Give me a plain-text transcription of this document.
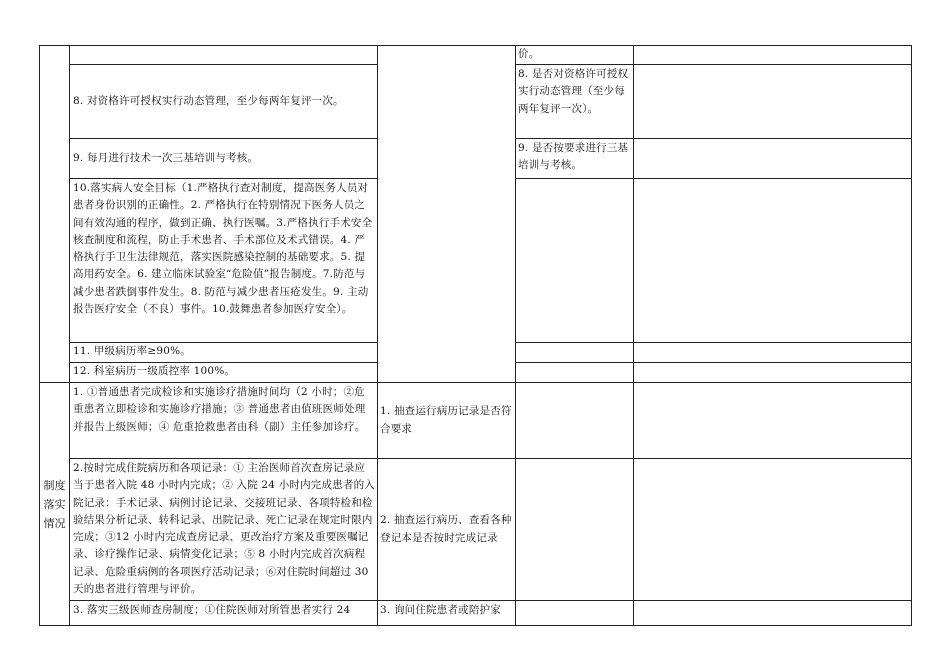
制度
落实
情况

8. 对资格许可授权实行动态管理，至少每两年复评一次。

9. 每月进行技术一次三基培训与考核。

10.落实病人安全目标（1.严格执行查对制度，提高医务人员对患者身份识别的正确性。2. 严格执行在特别情况下医务人员之间有效沟通的程序，做到正确、执行医嘱。3.严格执行手术安全核查制度和流程，防止手术患者、手术部位及术式错误。4. 严格执行手卫生法律规范，落实医院感染控制的基础要求。5. 提高用药安全。6. 建立临床试验室“危险值”报告制度。7.防范与减少患者跌倒事件发生。8. 防范与减少患者压疮发生。9. 主动报告医疗安全（不良）事件。10.鼓舞患者参加医疗安全）。

11. 甲级病历率≥90%。

12. 科室病历一级质控率 100%。

1. ①普通患者完成检诊和实施诊疗措施时间均（2 小时；②危重患者立即检诊和实施诊疗措施；③ 普通患者由值班医师处理并报告上级医师；④ 危重抢救患者由科（副）主任参加诊疗。

2.按时完成住院病历和各项记录：① 主治医师首次查房记录应当于患者入院 48 小时内完成；② 入院 24 小时内完成患者的入院记录：手术记录、病例讨论记录、交接班记录、各项特检和检验结果分析记录、转科记录、出院记录、死亡记录在规定时限内完成；③12 小时内完成查房记录、更改治疗方案及重要医嘱记录、诊疗操作记录、病情变化记录；⑤ 8 小时内完成首次病程记录、危险重病例的各项医疗活动记录；⑥对住院时间超过 30 天的患者进行管理与评价。

3. 落实三级医师查房制度；①住院医师对所管患者实行 24

1. 抽查运行病历记录是否符合要求

2. 抽查运行病历、查看各种登记本是否按时完成记录

3. 询问住院患者或陪护家

价。

8. 是否对资格许可授权实行动态管理（至少每两年复评一次）。

9. 是否按要求进行三基培训与考核。
